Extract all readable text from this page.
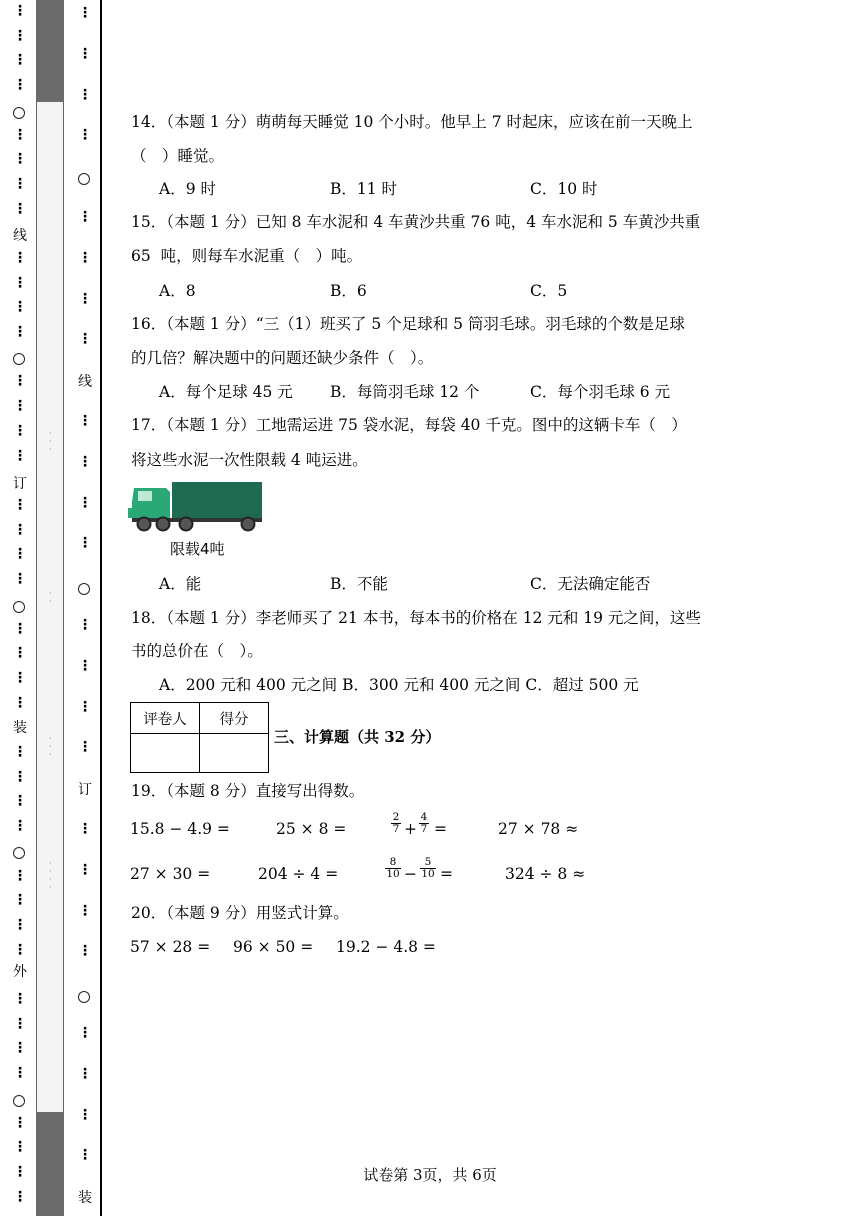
⋮
⋮
⋮
⋮
⋮
⋮
⋮
⋮
⋮
⋮
⋮
⋮
⋮
⋮
⋮
⋮
⋮
⋮
⋮
⋮
⋮
⋮
⋮
⋮
⋮
⋮
⋮
⋮
⋮
⋮
⋮
⋮
⋮
⋮
⋮
⋮
⋮
⋮
⋮
⋮
线
订
装
外
·
·
·
·
·
·
·
·
·
·
·
·
⋮
⋮
⋮
⋮
⋮
⋮
⋮
⋮
⋮
⋮
⋮
⋮
⋮
⋮
⋮
⋮
⋮
⋮
⋮
⋮
⋮
⋮
⋮
⋮
线
订
装
14．（本题 1 分）萌萌每天睡觉 10 个小时。他早上 7 时起床，应该在前一天晚上
（　）睡觉。
A．9 时	B．11 时	C．10 时
15．（本题 1 分）已知 8 车水泥和 4 车黄沙共重 76 吨，4 车水泥和 5 车黄沙共重
65  吨，则每车水泥重（　）吨。
A．8	B．6	C．5
16．（本题 1 分）“三（1）班买了 5 个足球和 5 筒羽毛球。羽毛球的个数是足球
的几倍？解决题中的问题还缺少条件（　）。
A．每个足球 45 元 B．每筒羽毛球 12 个	C．每个羽毛球 6 元
17．（本题 1 分）工地需运进 75 袋水泥，每袋 40 千克。图中的这辆卡车（　）
将这些水泥一次性限载 4 吨运进。
限载4吨
A．能	B．不能	C．无法确定能否
18．（本题 1 分）李老师买了 21 本书，每本书的价格在 12 元和 19 元之间，这些
书的总价在（　）。
A．200 元和 400 元之间 B．300 元和 400 元之间 C．超过 500 元
评卷人	得分

三、计算题（共 32 分）
19．（本题 8 分）直接写出得数。
15.8 − 4.9 =	25 × 8 =	$\frac{2}{7} + \frac{4}{7}$ =	27 × 78 ≈
27 × 30 =	204 ÷ 4 =	$\frac{8}{10} - \frac{5}{10}$ =	324 ÷ 8 ≈
20．（本题 9 分）用竖式计算。
57 × 28 = 96 × 50 = 19.2 − 4.8 =
试卷第 3页，共 6页
